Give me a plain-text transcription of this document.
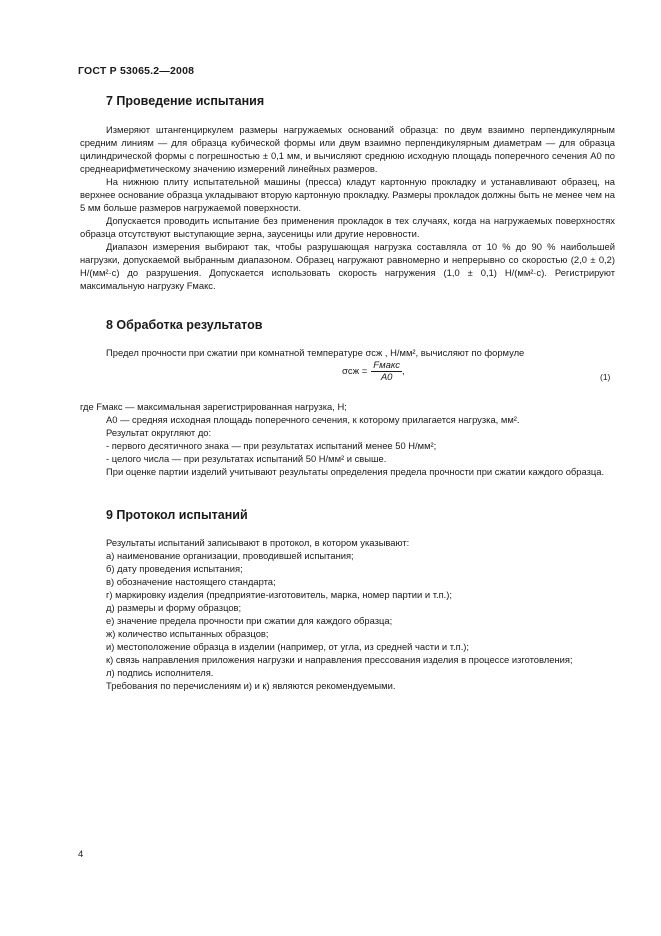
ГОСТ Р 53065.2—2008
7 Проведение испытания

Измеряют штангенциркулем размеры нагружаемых оснований образца: по двум взаимно перпендикулярным средним линиям — для образца кубической формы или двум взаимно перпендикулярным диаметрам — для образца цилиндрической формы с погрешностью ± 0,1 мм, и вычисляют среднюю исходную площадь поперечного сечения A0 по среднеарифметическому значению измерений линейных размеров.

На нижнюю плиту испытательной машины (пресса) кладут картонную прокладку и устанавливают образец, на верхнее основание образца укладывают вторую картонную прокладку. Размеры прокладок должны быть не менее чем на 5 мм больше размеров нагружаемой поверхности.

Допускается проводить испытание без применения прокладок в тех случаях, когда на нагружаемых поверхностях образца отсутствуют выступающие зерна, заусеницы или другие неровности.

Диапазон измерения выбирают так, чтобы разрушающая нагрузка составляла от 10 % до 90 % наибольшей нагрузки, допускаемой выбранным диапазоном. Образец нагружают равномерно и непрерывно со скоростью (2,0 ± 0,2) Н/(мм²·с) до разрушения. Допускается использовать скорость нагружения (1,0 ± 0,1) Н/(мм²·с). Регистрируют максимальную нагрузку Fмакс.

8 Обработка результатов

Предел прочности при сжатии при комнатной температуре σсж , Н/мм², вычисляют по формуле

$\sigma сж = \frac{\text{Fмакс}}{A0}$ ,	(1)

где Fмакс — максимальная зарегистрированная нагрузка, Н;

A0 — средняя исходная площадь поперечного сечения, к которому прилагается нагрузка, мм².

Результат округляют до:

- первого десятичного знака — при результатах испытаний менее 50 Н/мм²;

- целого числа — при результатах испытаний 50 Н/мм² и свыше.

При оценке партии изделий учитывают результаты определения предела прочности при сжатии каждого образца.

9 Протокол испытаний

Результаты испытаний записывают в протокол, в котором указывают:

а) наименование организации, проводившей испытания;

б) дату проведения испытания;

в) обозначение настоящего стандарта;

г) маркировку изделия (предприятие-изготовитель, марка, номер партии и т.п.);

д) размеры и форму образцов;

е) значение предела прочности при сжатии для каждого образца;

ж) количество испытанных образцов;

и) местоположение образца в изделии (например, от угла, из средней части и т.п.);

к) связь направления приложения нагрузки и направления прессования изделия в процессе изготовления;

л) подпись исполнителя.

Требования по перечислениям и) и к) являются рекомендуемыми.

4
